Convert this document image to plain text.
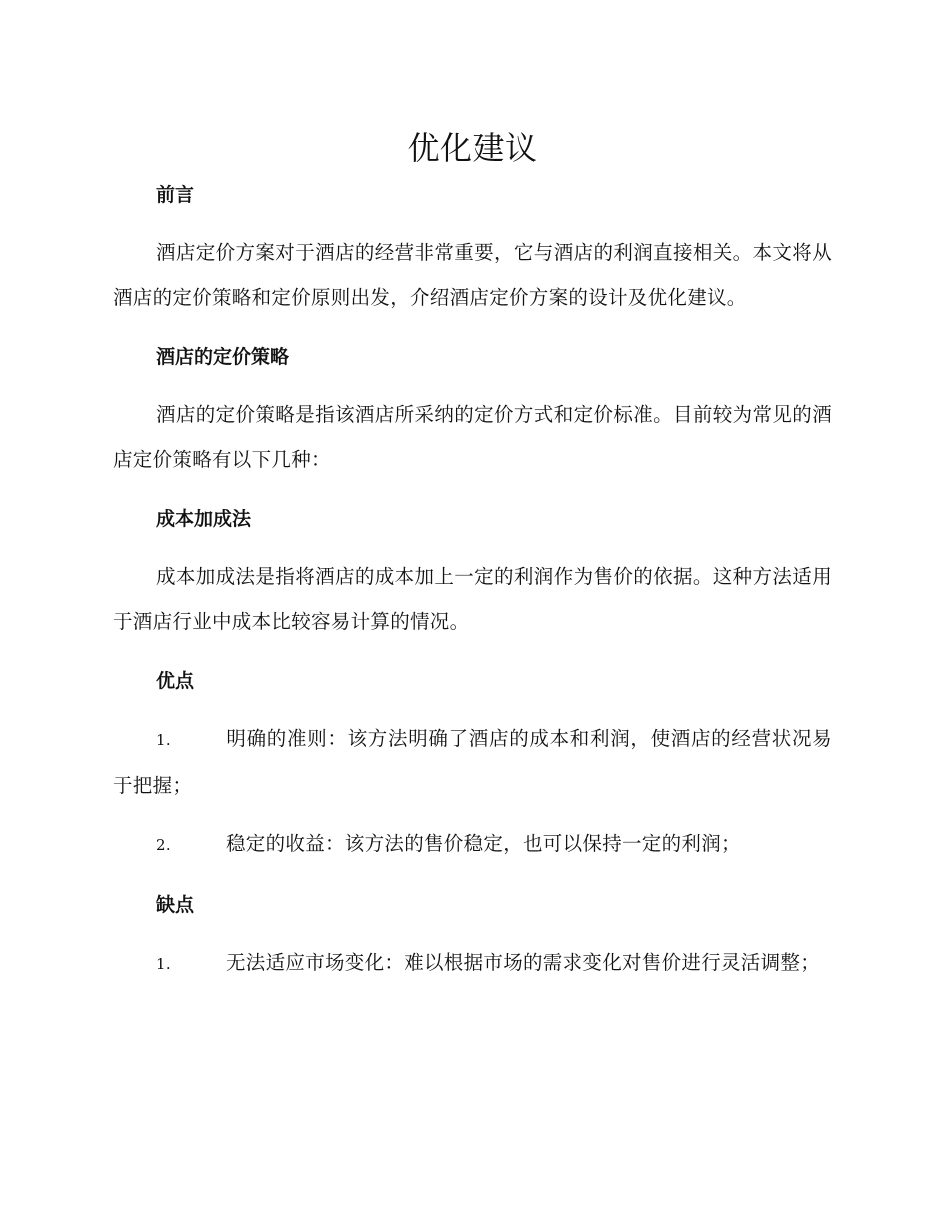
优化建议
前言

酒店定价方案对于酒店的经营非常重要，它与酒店的利润直接相关。本文将从酒店的定价策略和定价原则出发，介绍酒店定价方案的设计及优化建议。

酒店的定价策略

酒店的定价策略是指该酒店所采纳的定价方式和定价标准。目前较为常见的酒店定价策略有以下几种：

成本加成法

成本加成法是指将酒店的成本加上一定的利润作为售价的依据。这种方法适用于酒店行业中成本比较容易计算的情况。

优点

1.	明确的准则：该方法明确了酒店的成本和利润，使酒店的经营状况易于把握；

2.	稳定的收益：该方法的售价稳定，也可以保持一定的利润；

缺点

1.	无法适应市场变化：难以根据市场的需求变化对售价进行灵活调整；
